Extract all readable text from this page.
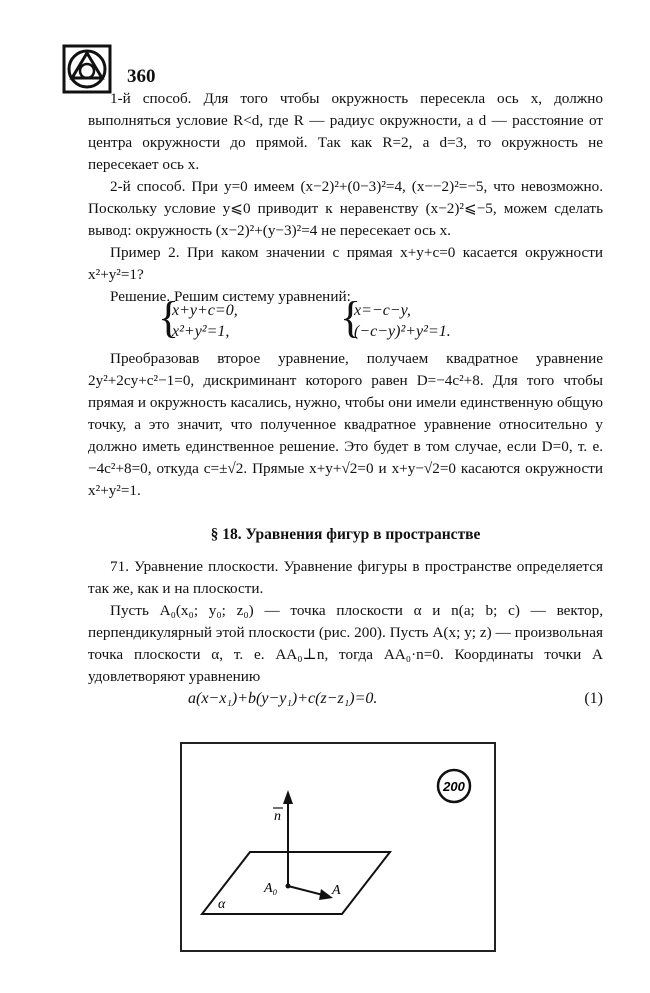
360

1-й способ. Для того чтобы окружность пересекла ось x, должно выполняться условие R<d, где R — радиус окружности, а d — расстояние от центра окружности до прямой. Так как R=2, а d=3, то окружность не пересекает ось x.

2-й способ. При y=0 имеем (x−2)²+(0−3)²=4, (x−−2)²=−5, что невозможно. Поскольку условие y⩽0 приводит к неравенству (x−2)²⩽−5, можем сделать вывод: окружность (x−2)²+(y−3)²=4 не пересекает ось x.

Пример 2. При каком значении c прямая x+y+c=0 касается окружности x²+y²=1?

Решение. Решим систему уравнений:

{
x+y+c=0,
x²+y²=1,	{
x=−c−y,
(−c−y)²+y²=1.

Преобразовав второе уравнение, получаем квадратное уравнение 2y²+2cy+c²−1=0, дискриминант которого равен D=−4c²+8. Для того чтобы прямая и окружность касались, нужно, чтобы они имели единственную общую точку, а это значит, что полученное квадратное уравнение относительно y должно иметь единственное решение. Это будет в том случае, если D=0, т. е. −4c²+8=0, откуда c=±√2. Прямые x+y+√2=0 и x+y−√2=0 касаются окружности x²+y²=1.

§ 18. Уравнения фигур в пространстве

71. Уравнение плоскости. Уравнение фигуры в пространстве определяется так же, как и на плоскости.

Пусть A₀(x₀; y₀; z₀) — точка плоскости α и n(a; b; c) — вектор, перпендикулярный этой плоскости (рис. 200). Пусть A(x; y; z) — произвольная точка плоскости α, т. е. AA₀⊥n, тогда AA₀·n=0. Координаты точки A удовлетворяют уравнению

a(x−x₁)+b(y−y₁)+c(z−z₁)=0.	(1)
200
n
A₀	A
α
